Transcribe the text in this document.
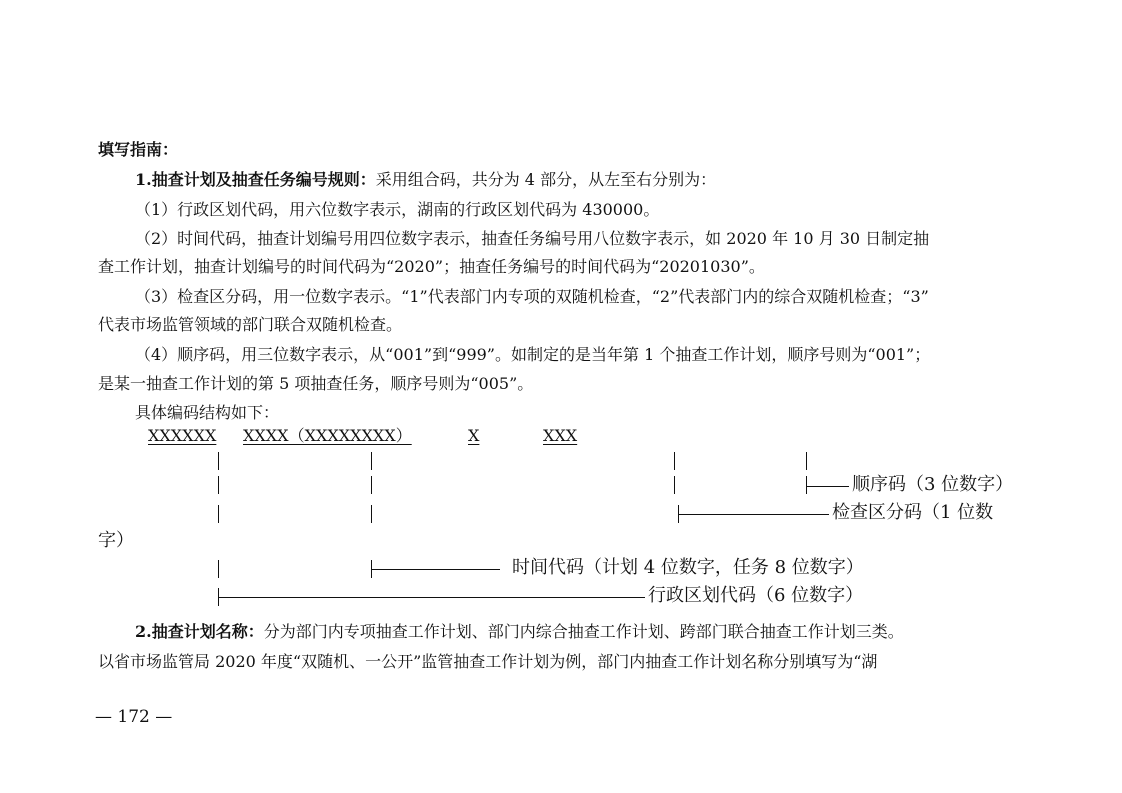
填写指南：
1.抽查计划及抽查任务编号规则：采用组合码，共分为 4 部分，从左至右分别为：
（1）行政区划代码，用六位数字表示，湖南的行政区划代码为 430000。
（2）时间代码，抽查计划编号用四位数字表示，抽查任务编号用八位数字表示，如 2020 年 10 月 30 日制定抽
查工作计划，抽查计划编号的时间代码为“2020”；抽查任务编号的时间代码为“20201030”。
（3）检查区分码，用一位数字表示。“1”代表部门内专项的双随机检查，“2”代表部门内的综合双随机检查；“3”
代表市场监管领域的部门联合双随机检查。
（4）顺序码，用三位数字表示，从“001”到“999”。如制定的是当年第 1 个抽查工作计划，顺序号则为“001”；
是某一抽查工作计划的第 5 项抽查任务，顺序号则为“005”。
具体编码结构如下：
XXXXXX XXXX（XXXXXXXX）	X	XXX
顺序码（3 位数字）
检查区分码（1 位数
字）
时间代码（计划 4 位数字，任务 8 位数字）
行政区划代码（6 位数字）
2.抽查计划名称：分为部门内专项抽查工作计划、部门内综合抽查工作计划、跨部门联合抽查工作计划三类。
以省市场监管局 2020 年度“双随机、一公开”监管抽查工作计划为例，部门内抽查工作计划名称分别填写为“湖
— 172 —
